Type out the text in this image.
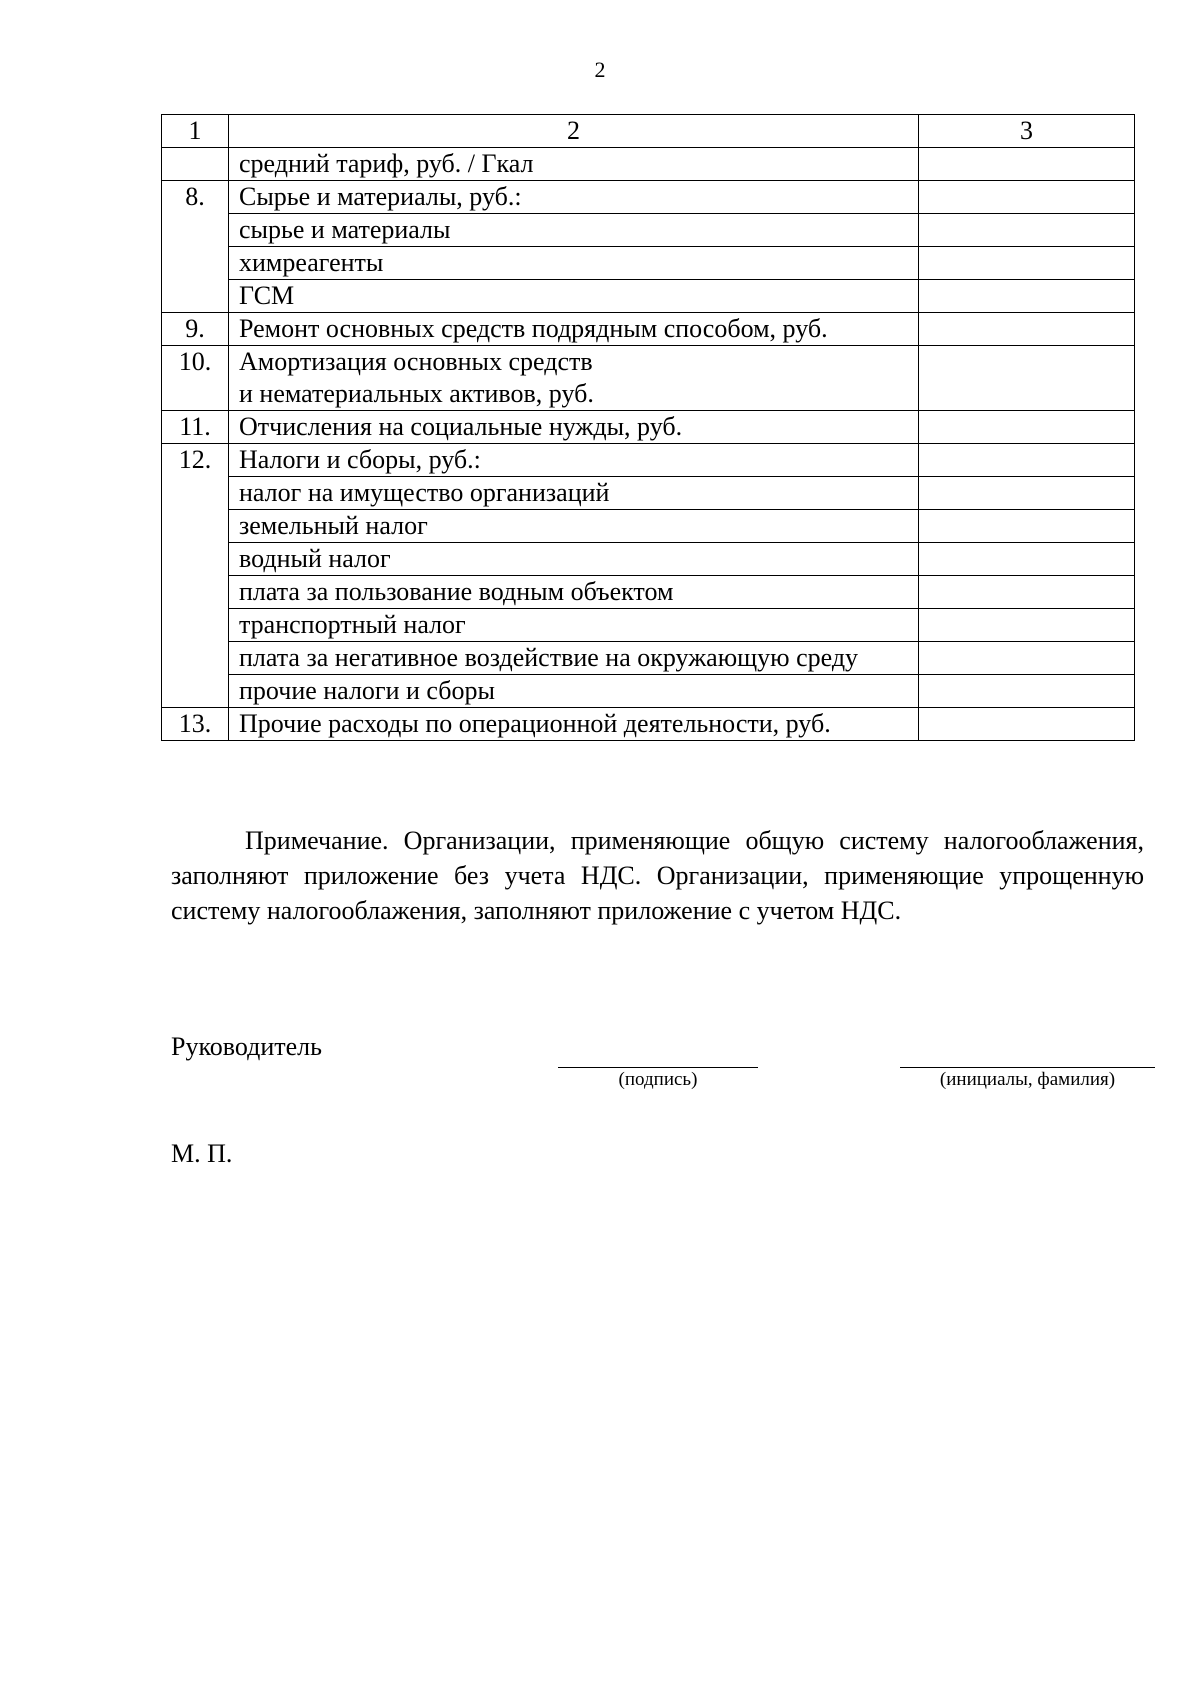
2
1	2	3
	средний тариф, руб. / Гкал	
8.	Сырье и материалы, руб.:	
	сырье и материалы	
	химреагенты	
	ГСМ	
9.	Ремонт основных средств подрядным способом, руб.	
10.	Амортизация основных средств
и нематериальных активов, руб.	

11.	Отчисления на социальные нужды, руб.	
12.	Налоги и сборы, руб.:	
	налог на имущество организаций	
	земельный налог	
	водный налог	
	плата за пользование водным объектом	
	транспортный налог	
	плата за негативное воздействие на окружающую среду	
	прочие налоги и сборы	
13.	Прочие расходы по операционной деятельности, руб.	
Примечание. Организации, применяющие общую систему налогооблажения, заполняют приложение без учета НДС. Организации, применяющие упрощенную систему налогооблажения, заполняют приложение с учетом НДС.
Руководитель
(подпись)	(инициалы, фамилия)
М. П.
